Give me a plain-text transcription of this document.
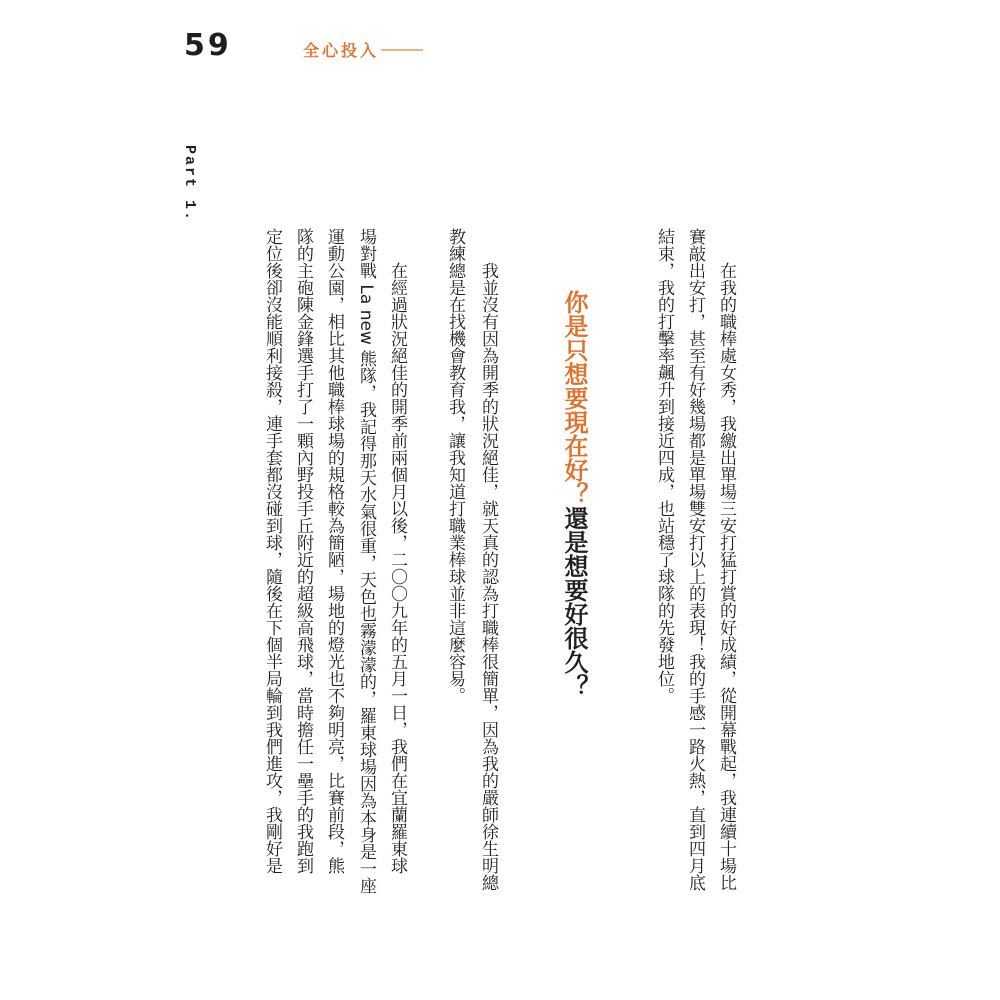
59	全心投入
Part 1.
　　在我的職棒處女秀，我繳出單場三安打猛打賞的好成績，從開幕戰起，我連續十場比
賽敲出安打，甚至有好幾場都是單場雙安打以上的表現！我的手感一路火熱，直到四月底
結束，我的打擊率飆升到接近四成，也站穩了球隊的先發地位。
你是只想要現在好？還是想要好很久？
　　我並沒有因為開季的狀況絕佳，就天真的認為打職棒很簡單，因為我的嚴師徐生明總
教練總是在找機會教育我，讓我知道打職業棒球並非這麼容易。
　　在經過狀況絕佳的開季前兩個月以後，二〇〇九年的五月一日，我們在宜蘭羅東球
場對戰 La new 熊隊，我記得那天水氣很重，天色也霧濛濛的，羅東球場因為本身是一座
運動公園，相比其他職棒球場的規格較為簡陋，場地的燈光也不夠明亮，比賽前段，熊
隊的主砲陳金鋒選手打了一顆內野投手丘附近的超級高飛球，當時擔任一壘手的我跑到
定位後卻沒能順利接殺，連手套都沒碰到球，隨後在下個半局輪到我們進攻，我剛好是
